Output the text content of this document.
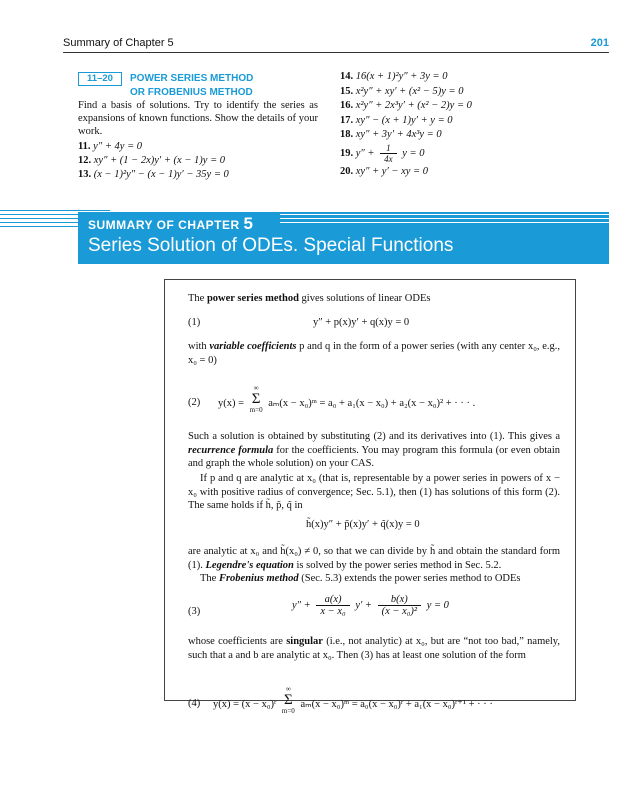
Summary of Chapter 5	201
11–20	POWER SERIES METHOD
OR FROBENIUS METHOD
Find a basis of solutions. Try to identify the series as expansions of known functions. Show the details of your work.
11. y″ + 4y = 0
12. xy″ + (1 − 2x)y′ + (x − 1)y = 0
13. (x − 1)²y″ − (x − 1)y′ − 35y = 0
14. 16(x + 1)²y″ + 3y = 0
15. x²y″ + xy′ + (x² − 5)y = 0
16. x²y″ + 2x³y′ + (x² − 2)y = 0
17. xy″ − (x + 1)y′ + y = 0
18. xy″ + 3y′ + 4x³y = 0
19. $y'' + \frac{1}{4x}$ y = 0
20. xy″ + y′ − xy = 0
SUMMARY OF CHAPTER 5
Series Solution of ODEs. Special Functions
The power series method gives solutions of linear ODEs
(1)	y″ + p(x)y′ + q(x)y = 0
with variable coefficients p and q in the form of a power series (with any center x₀, e.g., x₀ = 0)
(2) y(x) =
∞
Σ
m=0
aₘ(x − x₀)ᵐ = a₀ + a₁(x − x₀) + a₂(x − x₀)² + · · · .
Such a solution is obtained by substituting (2) and its derivatives into (1). This gives a recurrence formula for the coefficients. You may program this formula (or even obtain and graph the whole solution) on your CAS.
If p and q are analytic at x₀ (that is, representable by a power series in powers of x − x₀ with positive radius of convergence; Sec. 5.1), then (1) has solutions of this form (2). The same holds if h̃, p̃, q̃ in
h̃(x)y″ + p̃(x)y′ + q̃(x)y = 0
are analytic at x₀ and h̃(x₀) ≠ 0, so that we can divide by h̃ and obtain the standard form (1). Legendre's equation is solved by the power series method in Sec. 5.2.
The Frobenius method (Sec. 5.3) extends the power series method to ODEs
(3)
$y'' + \frac{a(x)}{\text{x − x₀}} y' + \frac{b(x)}{\text{(x − x₀)²}}$ y = 0
whose coefficients are singular (i.e., not analytic) at x₀, but are “not too bad,” namely, such that a and b are analytic at x₀. Then (3) has at least one solution of the form
(4) y(x) = (x − x₀)ʳ
∞
Σ
m=0
aₘ(x − x₀)ᵐ = a₀(x − x₀)ʳ + a₁(x − x₀)ʳ⁺¹ + · · ·
